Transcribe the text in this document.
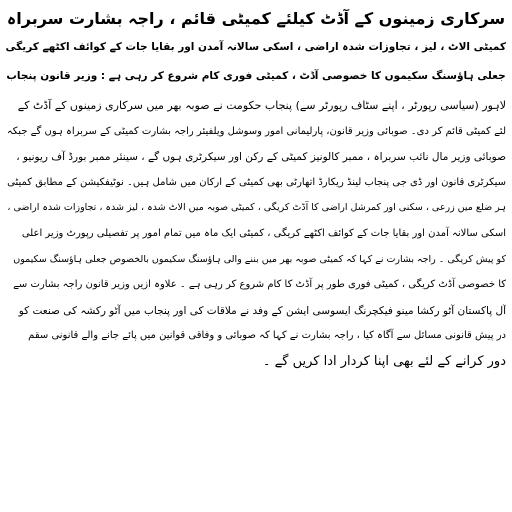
سرکاری زمینوں کے آڈٹ کیلئے کمیٹی قائم ، راجہ بشارت سربراہ
کمیٹی الاٹ ، لیز ، تجاوزات شدہ اراضی ، اسکی سالانہ آمدن اور بقایا جات کے کوائف اکٹھے کریگی
جعلی ہاؤسنگ سکیموں کا خصوصی آڈٹ ، کمیٹی فوری کام شروع کر رہی ہے : وزیر قانون پنجاب
لاہور (سیاسی رپورٹر ، اپنے سٹاف رپورٹر سے) پنجاب حکومت نے صوبہ بھر میں سرکاری زمینوں کے آڈٹ کے
لئے کمیٹی قائم کر دی۔ صوبائی وزیر قانون، پارلیمانی امور وسوشل ویلفیئر راجہ بشارت کمیٹی کے سربراہ ہوں گے جبکہ
صوبائی وزیر مال نائب سربراہ ، ممبر کالونیز کمیٹی کے رکن اور سیکرٹری ہوں گے ، سینئر ممبر بورڈ آف ریونیو ،
سیکرٹری قانون اور ڈی جی پنجاب لینڈ ریکارڈ اتھارٹی بھی کمیٹی کے ارکان میں شامل ہیں۔ نوٹیفکیشن کے مطابق کمیٹی
ہر ضلع میں زرعی ، سکنی اور کمرشل اراضی کا آڈٹ کریگی ، کمیٹی صوبہ میں الاٹ شدہ ، لیز شدہ ، تجاوزات شدہ اراضی ،
اسکی سالانہ آمدن اور بقایا جات کے کوائف اکٹھے کریگی ، کمیٹی ایک ماہ میں تمام امور پر تفصیلی رپورٹ وزیر اعلی
کو پیش کریگی ۔ راجہ بشارت نے کہا کہ کمیٹی صوبہ بھر میں بننے والی ہاؤسنگ سکیموں بالخصوص جعلی ہاؤسنگ سکیموں
کا خصوصی آڈٹ کریگی ، کمیٹی فوری طور پر آڈٹ کا کام شروع کر رہی ہے ۔ علاوہ ازیں وزیر قانون راجہ بشارت سے
آل پاکستان آٹو رکشا مینو فیکچرنگ ایسوسی ایشن کے وفد نے ملاقات کی اور پنجاب میں آٹو رکشہ کی صنعت کو
در پیش قانونی مسائل سے آگاہ کیا ، راجہ بشارت نے کہا کہ صوبائی و وفاقی قوانین میں پائے جانے والے قانونی سقم
دور کرانے کے لئے بھی اپنا کردار ادا کریں گے ۔
